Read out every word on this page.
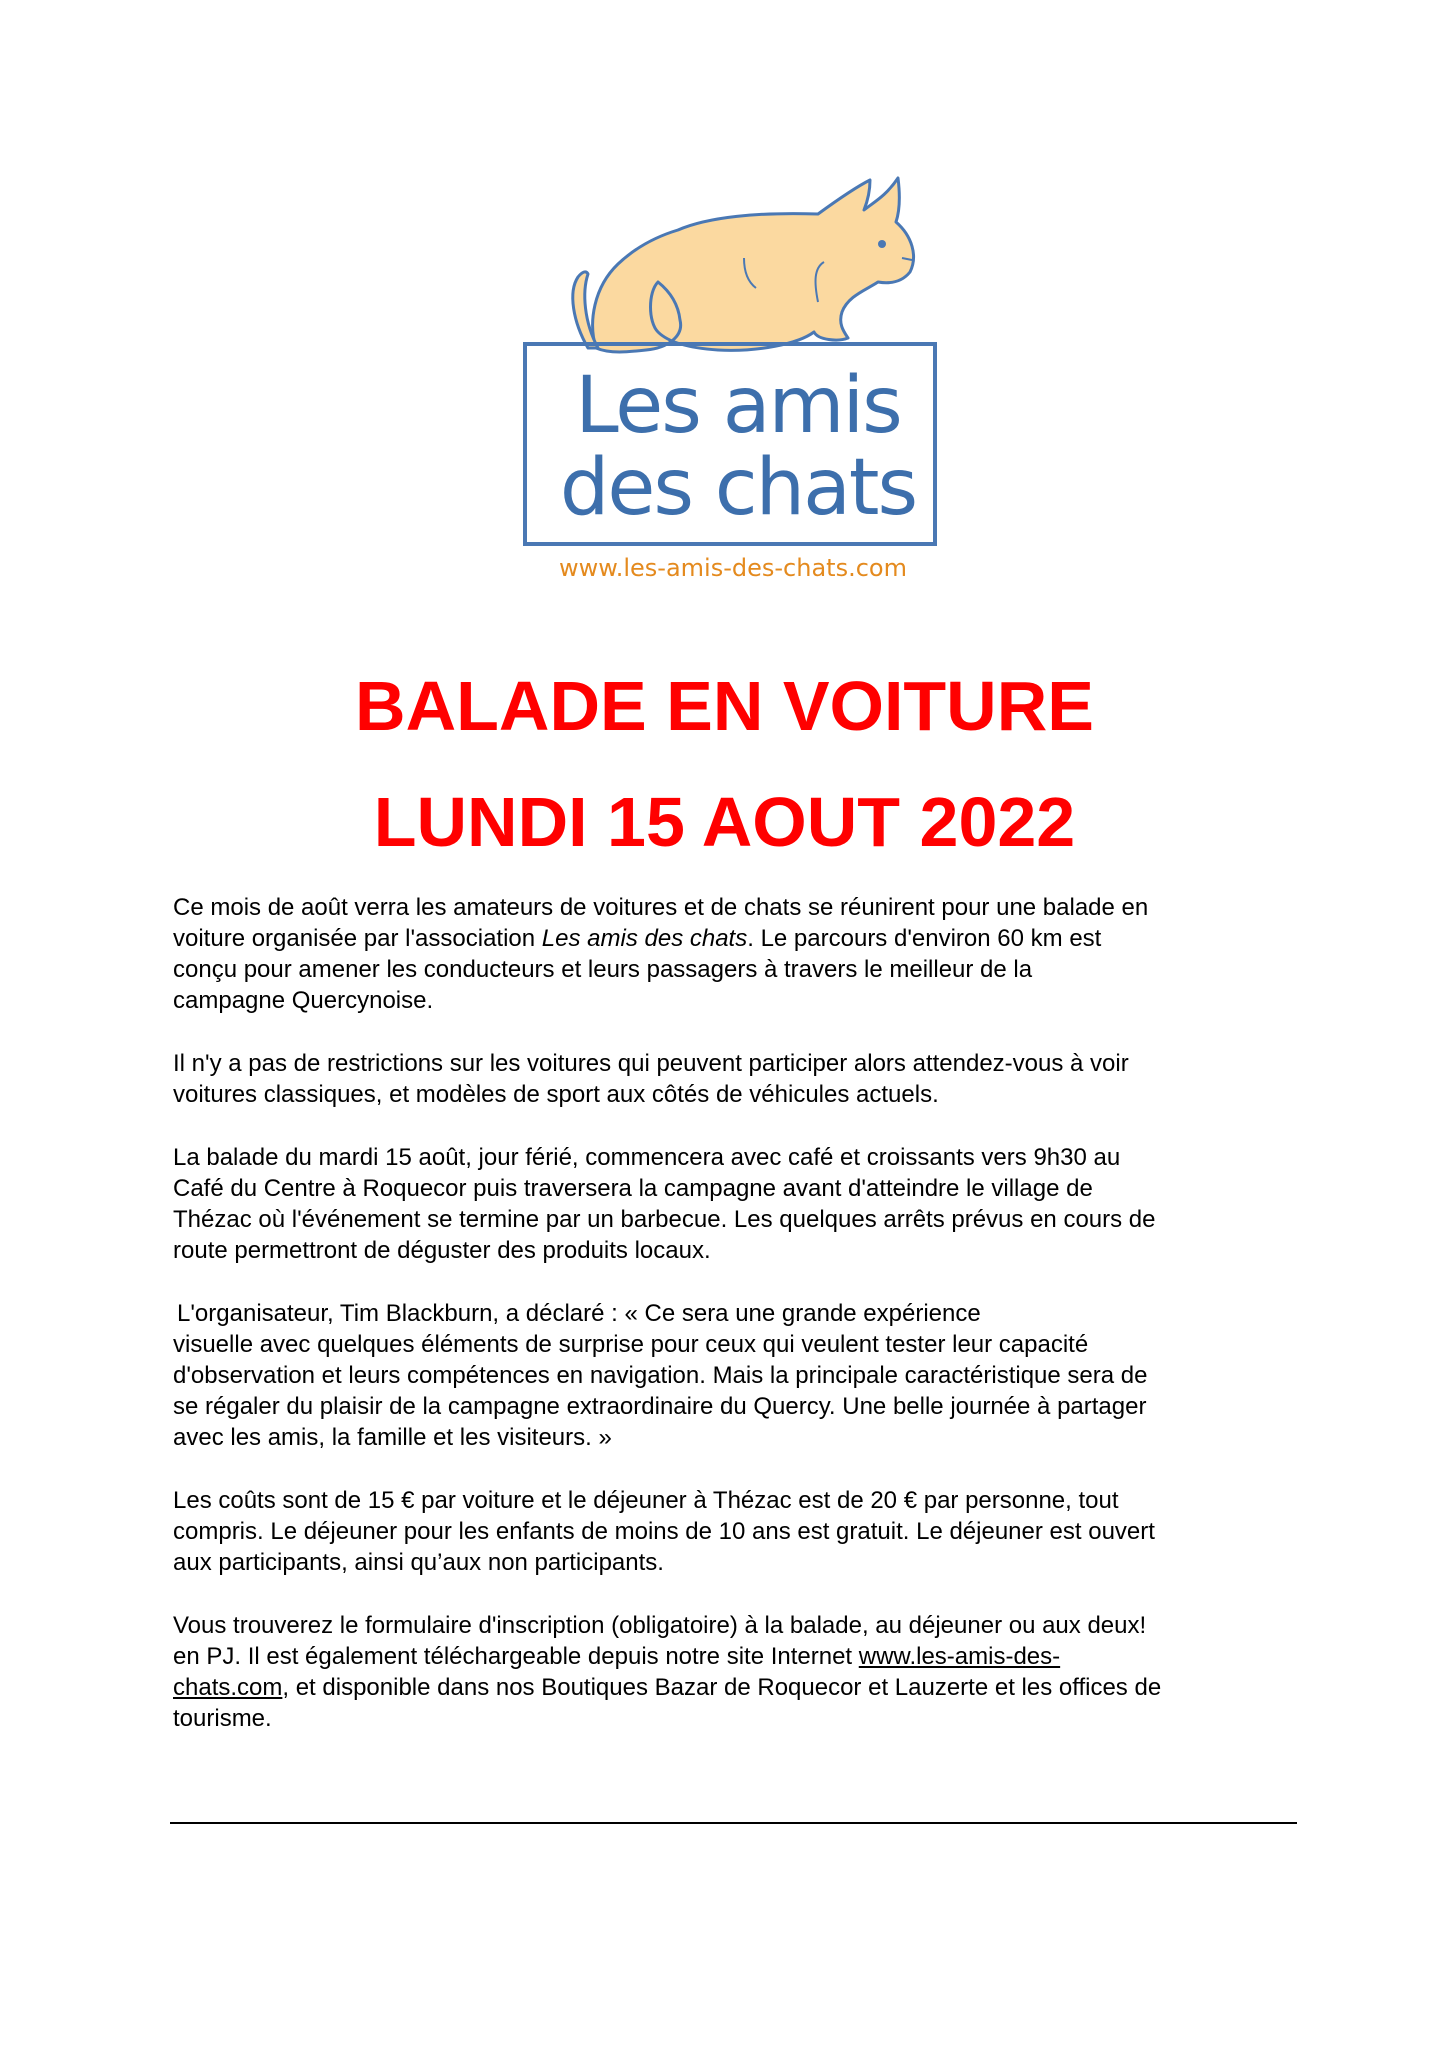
Les amis
des chats
www.les-amis-des-chats.com
BALADE EN VOITURE
LUNDI 15 AOUT 2022
Ce mois de août verra les amateurs de voitures et de chats se réunirent pour une balade en
voiture organisée par l'association Les amis des chats. Le parcours d'environ 60 km est
conçu pour amener les conducteurs et leurs passagers à travers le meilleur de la
campagne Quercynoise.
Il n'y a pas de restrictions sur les voitures qui peuvent participer alors attendez-vous à voir
voitures classiques, et modèles de sport aux côtés de véhicules actuels.
La balade du mardi 15 août, jour férié, commencera avec café et croissants vers 9h30 au
Café du Centre à Roquecor puis traversera la campagne avant d'atteindre le village de
Thézac où l'événement se termine par un barbecue. Les quelques arrêts prévus en cours de
route permettront de déguster des produits locaux.
L'organisateur, Tim Blackburn, a déclaré : « Ce sera une grande expérience
visuelle avec quelques éléments de surprise pour ceux qui veulent tester leur capacité
d'observation et leurs compétences en navigation. Mais la principale caractéristique sera de
se régaler du plaisir de la campagne extraordinaire du Quercy. Une belle journée à partager
avec les amis, la famille et les visiteurs. »
Les coûts sont de 15 € par voiture et le déjeuner à Thézac est de 20 € par personne, tout
compris. Le déjeuner pour les enfants de moins de 10 ans est gratuit. Le déjeuner est ouvert
aux participants, ainsi qu’aux non participants.
Vous trouverez le formulaire d'inscription (obligatoire) à la balade, au déjeuner ou aux deux!
en PJ. Il est également téléchargeable depuis notre site Internet www.les-amis-des-
chats.com, et disponible dans nos Boutiques Bazar de Roquecor et Lauzerte et les offices de
tourisme.
